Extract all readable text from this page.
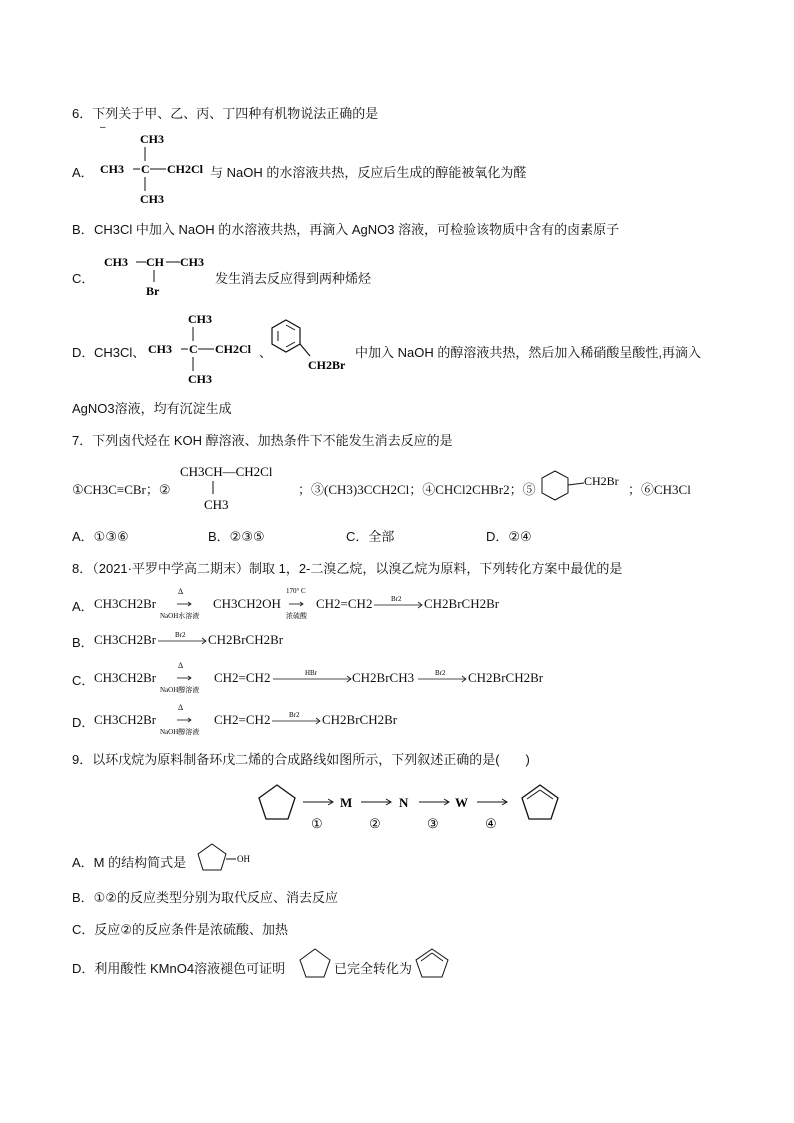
6．下列关于甲、乙、丙、丁四种有机物说法正确的是
–
A．
CH3
CH3 C CH2Cl
CH3
与 NaOH 的水溶液共热，反应后生成的醇能被氧化为醛
B． CH3Cl 中加入 NaOH 的水溶液共热，再滴入 AgNO3 溶液，可检验该物质中含有的卤素原子
C．
CH3 CH CH3
Br
发生消去反应得到两种烯烃
D． CH3Cl、
CH3
CH3 C CH2Cl
CH3
、
CH2Br
中加入 NaOH 的醇溶液共热，然后加入稀硝酸呈酸性,再滴入
AgNO3溶液，均有沉淀生成
7．下列卤代烃在 KOH 醇溶液、加热条件下不能发生消去反应的是
①CH3C≡CBr；②
CH3CH—CH2Cl
CH3
；③(CH3)3CCH2Cl；④CHCl2CHBr2；⑤
CH2Br
；⑥CH3Cl
A．①③⑥	B．②③⑤	C．全部	D．②④
8．（2021·平罗中学高二期末）制取 1，2-二溴乙烷，以溴乙烷为原料，下列转化方案中最优的是
A． CH3CH2Br
Δ
NaOH水溶液
CH3CH2OH
170° C
浓硫酸
CH2=CH2	Br2 CH2BrCH2Br
B． CH3CH2Br	Br2 CH2BrCH2Br
C． CH3CH2Br
Δ
NaOH醇溶液
CH2=CH2	HBr	CH2BrCH3	Br2 CH2BrCH2Br
D． CH3CH2Br
Δ
NaOH醇溶液
CH2=CH2	Br2 CH2BrCH2Br
9．以环戊烷为原料制备环戊二烯的合成路线如图所示，下列叙述正确的是(　　)
M	N	W
①	②	③	④
A．M 的结构简式是	OH
B．①②的反应类型分别为取代反应、消去反应
C．反应②的反应条件是浓硫酸、加热
D．利用酸性 KMnO4溶液褪色可证明	已完全转化为
